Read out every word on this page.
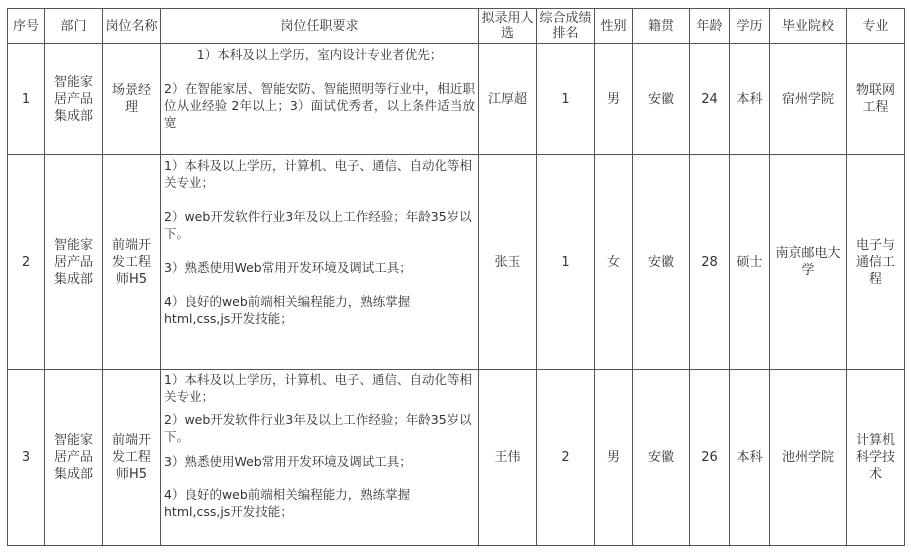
序号	部门	岗位名称	岗位任职要求	拟录用人选	综合成绩排名	性别	籍贯	年龄	学历	毕业院校	专业
1	智能家居产品集成部	场景经理	1）本科及以上学历，室内设计专业者优先；

2）在智能家居、智能安防、智能照明等行业中，相近职位从业经验 2年以上；3）面试优秀者，以上条件适当放宽	江厚超	1	男	安徽	24	本科	宿州学院	物联网工程
2	智能家居产品集成部	前端开发工程师H5	1）本科及以上学历，计算机、电子、通信、自动化等相关专业；

2）web开发软件行业3年及以上工作经验；年龄35岁以下。

3）熟悉使用Web常用开发环境及调试工具；

4）良好的web前端相关编程能力，熟练掌握html,css,js开发技能；	张玉	1	女	安徽	28	硕士	南京邮电大学	电子与通信工程
3	智能家居产品集成部	前端开发工程师H5	1）本科及以上学历，计算机、电子、通信、自动化等相关专业；

2）web开发软件行业3年及以上工作经验；年龄35岁以下。

3）熟悉使用Web常用开发环境及调试工具；

4）良好的web前端相关编程能力，熟练掌握html,css,js开发技能；	王伟	2	男	安徽	26	本科	池州学院	计算机科学技术
